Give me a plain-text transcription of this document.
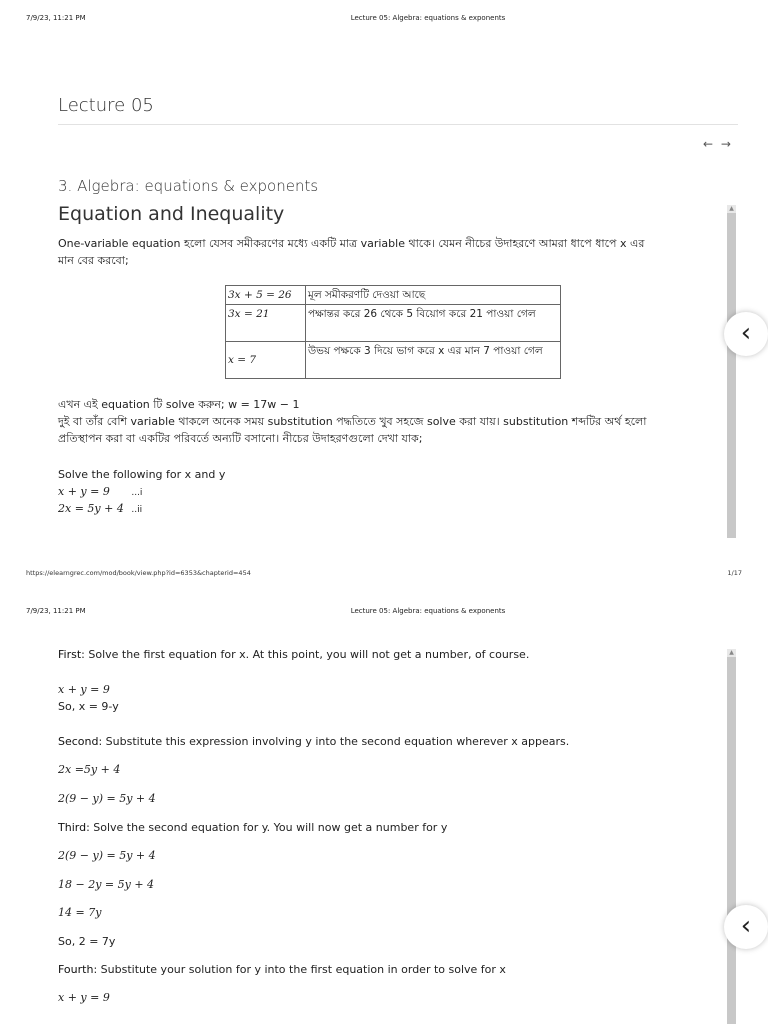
7/9/23, 11:21 PM	Lecture 05: Algebra: equations & exponents
Lecture 05
← →
3. Algebra: equations & exponents
Equation and Inequality
One-variable equation হলো যেসব সমীকরণের মধ্যে একটি মাত্র variable থাকে। যেমন নীচের উদাহরণে আমরা ধাপে ধাপে x এর
মান বের করবো;
3x + 5 = 26	মূল সমীকরণটি দেওয়া আছে
3x = 21	পক্ষান্তর করে 26 থেকে 5 বিয়োগ করে 21 পাওয়া গেল
x = 7	উভয় পক্ষকে 3 দিয়ে ভাগ করে x এর মান 7 পাওয়া গেল
এখন এই equation টি solve করুন; w = 17w − 1
দুই বা তাঁর বেশি variable থাকলে অনেক সময় substitution পদ্ধতিতে খুব সহজে solve করা যায়। substitution শব্দটির অর্থ হলো
প্রতিস্থাপন করা বা একটির পরিবর্তে অন্যটি বসানো। নীচের উদাহরণগুলো দেখা যাক;
Solve the following for x and y
x + y = 9 ...i
2x = 5y + 4 ..ii
▲
‹
https://elearngrec.com/mod/book/view.php?id=6353&chapterid=454	1/17
7/9/23, 11:21 PM	Lecture 05: Algebra: equations & exponents
First: Solve the first equation for x. At this point, you will not get a number, of course.
x + y = 9
So, x = 9-y
Second: Substitute this expression involving y into the second equation wherever x appears.
2x =5y + 4
2(9 − y) = 5y + 4
Third: Solve the second equation for y. You will now get a number for y
2(9 − y) = 5y + 4
18 − 2y = 5y + 4
14 = 7y
So, 2 = 7y
Fourth: Substitute your solution for y into the first equation in order to solve for x
x + y = 9
▲
‹
